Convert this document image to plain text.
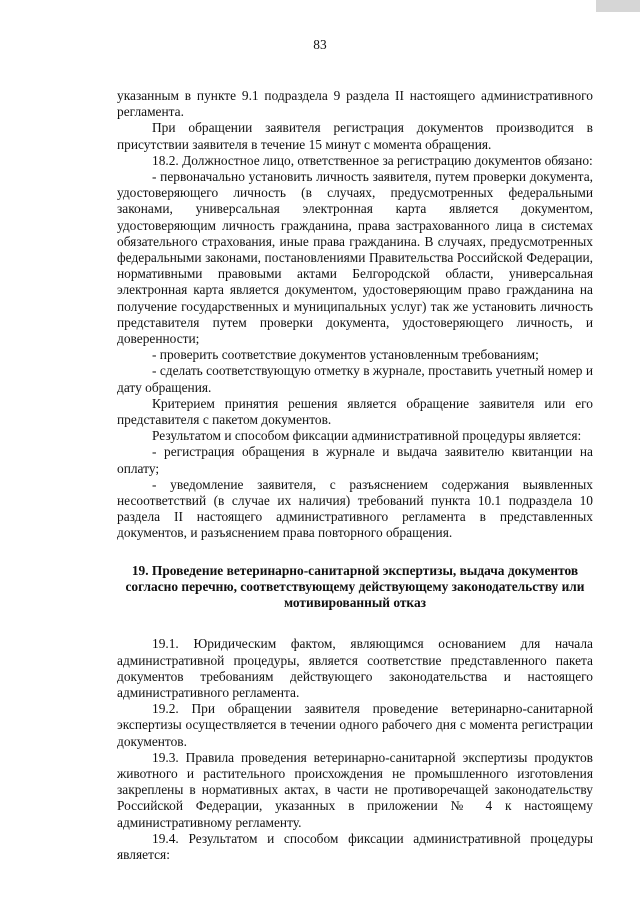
83

указанным в пункте 9.1 подраздела 9 раздела II настоящего административного регламента.

При обращении заявителя регистрация документов производится в присутствии заявителя в течение 15 минут с момента обращения.

18.2. Должностное лицо, ответственное за регистрацию документов обязано:

- первоначально установить личность заявителя, путем проверки документа, удостоверяющего личность (в случаях, предусмотренных федеральными законами, универсальная электронная карта является документом, удостоверяющим личность гражданина, права застрахованного лица в системах обязательного страхования, иные права гражданина. В случаях, предусмотренных федеральными законами, постановлениями Правительства Российской Федерации, нормативными правовыми актами Белгородской области, универсальная электронная карта является документом, удостоверяющим право гражданина на получение государственных и муниципальных услуг) так же установить личность представителя путем проверки документа, удостоверяющего личность, и доверенности;

- проверить соответствие документов установленным требованиям;

- сделать соответствующую отметку в журнале, проставить учетный номер и дату обращения.

Критерием принятия решения является обращение заявителя или его представителя с пакетом документов.

Результатом и способом фиксации административной процедуры является:

- регистрация обращения в журнале и выдача заявителю квитанции на оплату;

- уведомление заявителя, с разъяснением содержания выявленных несоответствий (в случае их наличия) требований пункта 10.1 подраздела 10 раздела II настоящего административного регламента в представленных документов, и разъяснением права повторного обращения.

19. Проведение ветеринарно-санитарной экспертизы, выдача документов согласно перечню, соответствующему действующему законодательству или мотивированный отказ

19.1. Юридическим фактом, являющимся основанием для начала административной процедуры, является соответствие представленного пакета документов требованиям действующего законодательства и настоящего административного регламента.

19.2. При обращении заявителя проведение ветеринарно-санитарной экспертизы осуществляется в течении одного рабочего дня с момента регистрации документов.

19.3. Правила проведения ветеринарно-санитарной экспертизы продуктов животного и растительного происхождения не промышленного изготовления закреплены в нормативных актах, в части не противоречащей законодательству Российской Федерации, указанных в приложении № 4 к настоящему административному регламенту.

19.4. Результатом и способом фиксации административной процедуры является:
